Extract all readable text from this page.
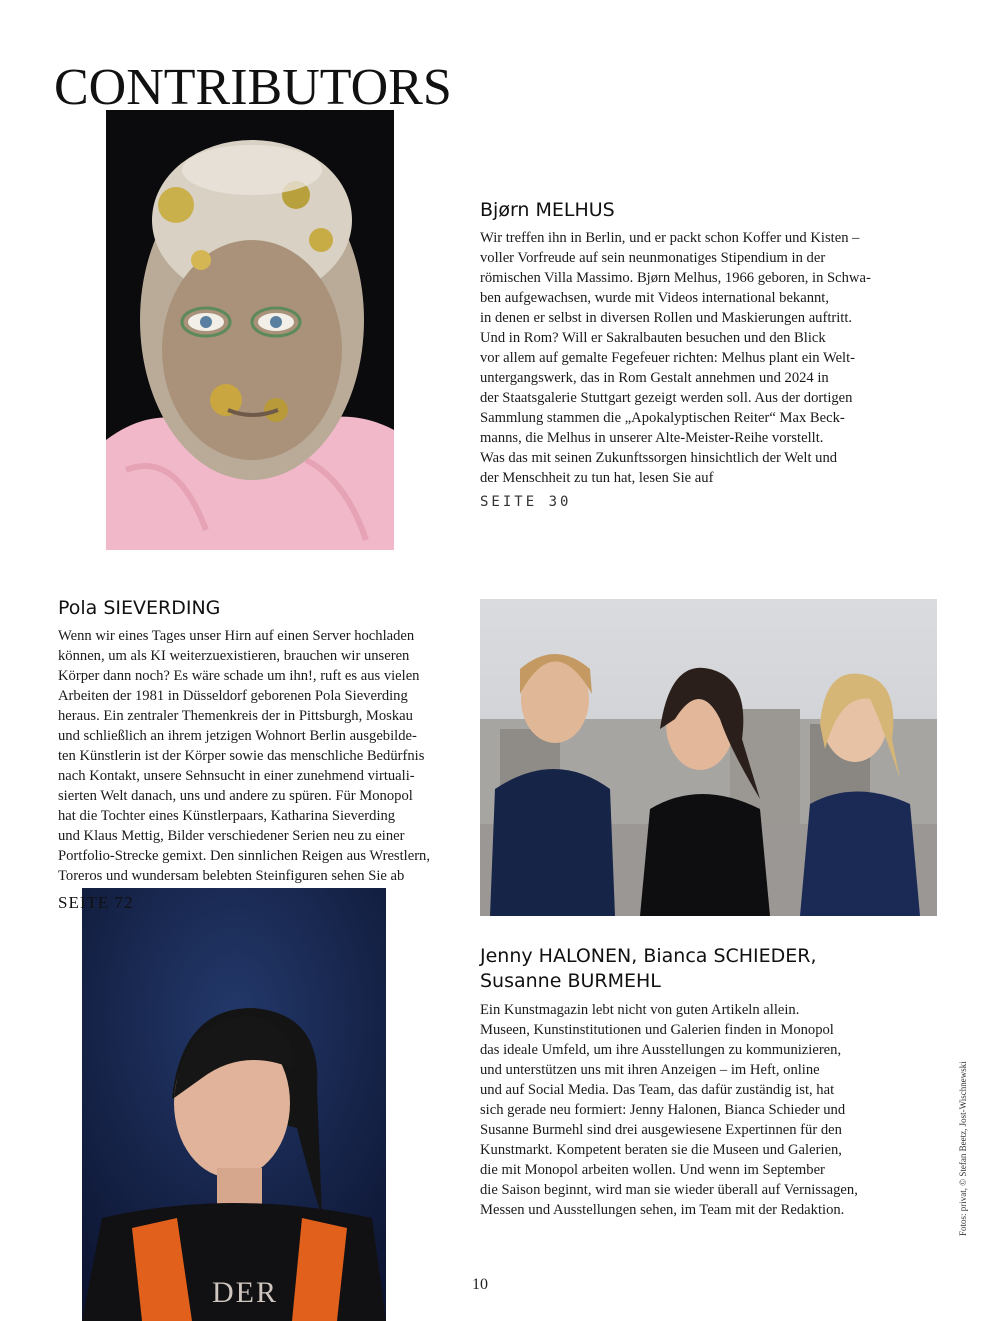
DER
CONTRIBUTORS
Bjørn MELHUS
Wir treffen ihn in Berlin, und er packt schon Koffer und Kisten –
voller Vorfreude auf sein neunmonatiges Stipendium in der
römischen Villa Massimo. Bjørn Melhus, 1966 geboren, in Schwa-
ben aufgewachsen, wurde mit Videos international bekannt,
in denen er selbst in diversen Rollen und Maskierungen auftritt.
Und in Rom? Will er Sakralbauten besuchen und den Blick
vor allem auf gemalte Fegefeuer richten: Melhus plant ein Welt-
untergangswerk, das in Rom Gestalt annehmen und 2024 in
der Staatsgalerie Stuttgart gezeigt werden soll. Aus der dortigen
Sammlung stammen die „Apokalyptischen Reiter“ Max Beck-
manns, die Melhus in unserer Alte-Meister-Reihe vorstellt.
Was das mit seinen Zukunftssorgen hinsichtlich der Welt und
der Menschheit zu tun hat, lesen Sie auf

SEITE 30

Pola SIEVERDING
Wenn wir eines Tages unser Hirn auf einen Server hochladen
können, um als KI weiterzuexistieren, brauchen wir unseren
Körper dann noch? Es wäre schade um ihn!, ruft es aus vielen
Arbeiten der 1981 in Düsseldorf geborenen Pola Sieverding
heraus. Ein zentraler Themenkreis der in Pittsburgh, Moskau
und schließlich an ihrem jetzigen Wohnort Berlin ausgebilde-
ten Künstlerin ist der Körper sowie das menschliche Bedürfnis
nach Kontakt, unsere Sehnsucht in einer zunehmend virtuali-
sierten Welt danach, uns und andere zu spüren. Für Monopol
hat die Tochter eines Künstlerpaars, Katharina Sieverding
und Klaus Mettig, Bilder verschiedener Serien neu zu einer
Portfolio-Strecke gemixt. Den sinnlichen Reigen aus Wrestlern,
Toreros und wundersam belebten Steinfiguren sehen Sie ab

SEITE 72

Jenny HALONEN, Bianca SCHIEDER,
Susanne BURMEHL
Ein Kunstmagazin lebt nicht von guten Artikeln allein.
Museen, Kunstinstitutionen und Galerien finden in Monopol
das ideale Umfeld, um ihre Ausstellungen zu kommunizieren,
und unterstützen uns mit ihren Anzeigen – im Heft, online
und auf Social Media. Das Team, das dafür zuständig ist, hat
sich gerade neu formiert: Jenny Halonen, Bianca Schieder und
Susanne Burmehl sind drei ausgewiesene Expertinnen für den
Kunstmarkt. Kompetent beraten sie die Museen und Galerien,
die mit Monopol arbeiten wollen. Und wenn im September
die Saison beginnt, wird man sie wieder überall auf Vernissagen,
Messen und Ausstellungen sehen, im Team mit der Redaktion.	Fotos: privat, © Stefan Beetz, Jost-Wischnewski

10
